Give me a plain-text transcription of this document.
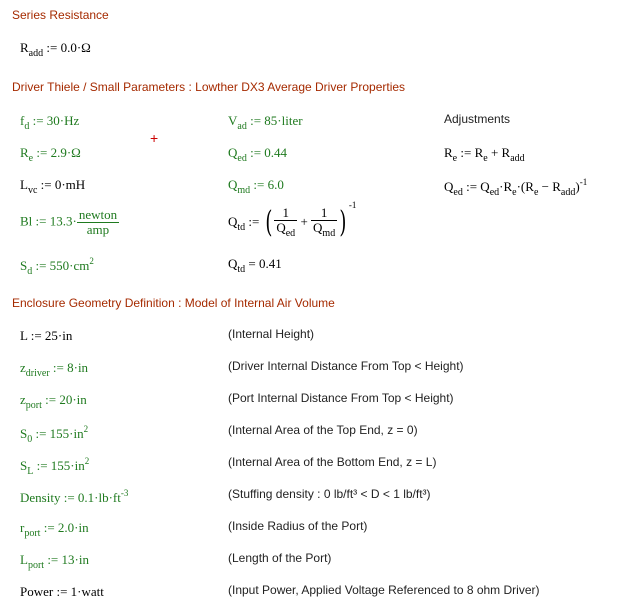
Series Resistance
Driver Thiele / Small Parameters : Lowther DX3 Average Driver Properties
Enclosure Geometry Definition : Model of Internal Air Volume
$R_{add}$ := 0.0·Ω
$f_d$ := 30·Hz
$R_e$ := 2.9·Ω
$L_{vc}$ := 0·mH
Bl := $13.3\cdot \frac{\text{newton}}{\text{amp}}$
$S_d$ := $550\cdot cm^2$
+
$V_{ad}$ := 85·liter
$Q_{ed}$ := 0.44
$Q_{md}$ := 6.0
$Q_{td}$ := ( $\frac{1}{Q_{ed}} + \frac{1}{Q_{md}} )^{-1}$
$Q_{td} = 0.41$
Adjustments
$R_e$ := $R_e + R_{add}$
$Q_{ed}$ := $Q_{ed}\cdot R_e\cdot(R_e - R_{add})^{-1}$
L := 25·in	(Internal Height)
$z_{driver}$ := 8·in	(Driver Internal Distance From Top < Height)
$z_{port}$ := 20·in	(Port Internal Distance From Top < Height)
$S_0$ := $155\cdot in^2$	(Internal Area of the Top End, z = 0)
$S_L$ := $155\cdot in^2$	(Internal Area of the Bottom End, z = L)
Density := $0.1\cdot lb\cdot ft^{-3}$	(Stuffing density : 0 lb/ft³ < D < 1 lb/ft³)
$r_{port}$ := 2.0·in	(Inside Radius of the Port)
$L_{port}$ := 13·in	(Length of the Port)
Power := 1·watt	(Input Power, Applied Voltage Referenced to 8 ohm Driver)
